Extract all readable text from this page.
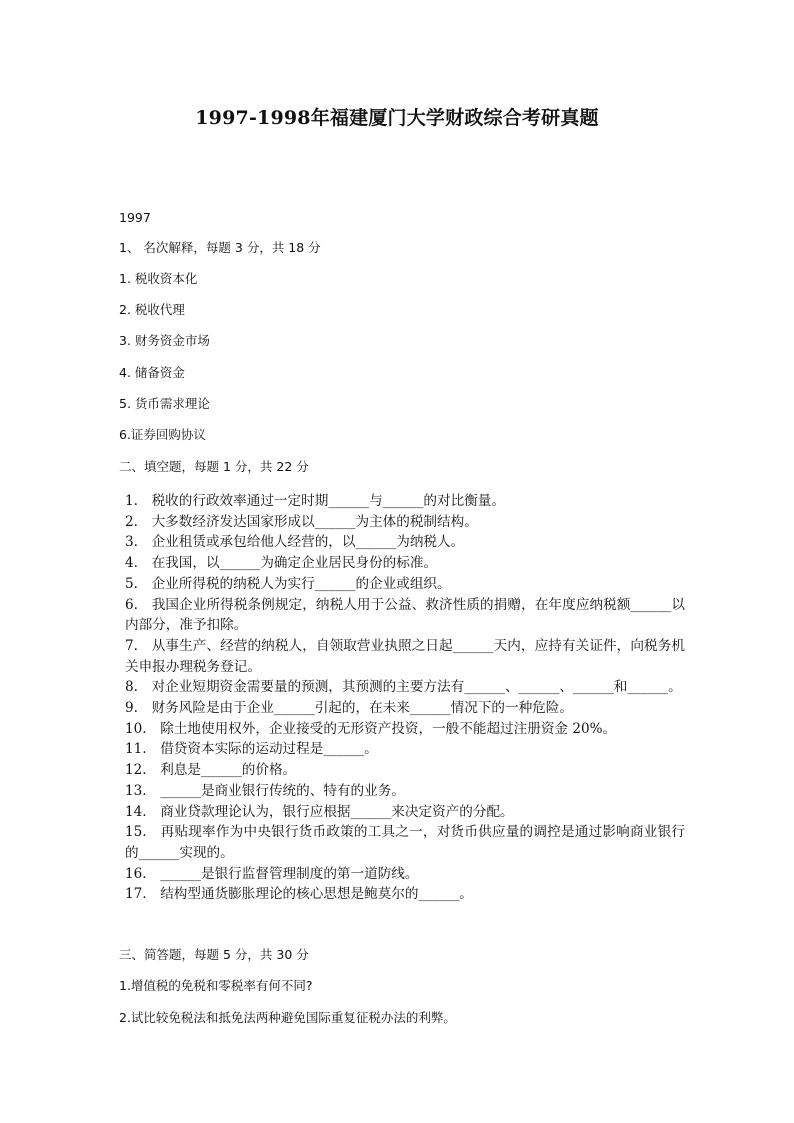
1997-1998年福建厦门大学财政综合考研真题
1997
1、 名次解释，每题 3 分，共 18 分
1. 税收资本化
2. 税收代理
3. 财务资金市场
4. 储备资金
5. 货币需求理论
6.证券回购协议
二、填空题，每题 1 分，共 22 分
1.　税收的行政效率通过一定时期______与______的对比衡量。
2.　大多数经济发达国家形成以______为主体的税制结构。
3.　企业租赁或承包给他人经营的，以______为纳税人。
4.　在我国，以______为确定企业居民身份的标准。
5.　企业所得税的纳税人为实行______的企业或组织。
6.　我国企业所得税条例规定，纳税人用于公益、救济性质的捐赠，在年度应纳税额______以内部分，准予扣除。
7.　从事生产、经营的纳税人，自领取营业执照之日起______天内，应持有关证件，向税务机关申报办理税务登记。
8.　对企业短期资金需要量的预测，其预测的主要方法有______、______、______和______。
9.　财务风险是由于企业______引起的，在未来______情况下的一种危险。
10.　除土地使用权外，企业接受的无形资产投资，一般不能超过注册资金 20%。
11.　借贷资本实际的运动过程是______。
12.　利息是______的价格。
13.　______是商业银行传统的、特有的业务。
14.　商业贷款理论认为，银行应根据______来决定资产的分配。
15.　再贴现率作为中央银行货币政策的工具之一，对货币供应量的调控是通过影响商业银行的______实现的。
16.　______是银行监督管理制度的第一道防线。
17.　结构型通货膨胀理论的核心思想是鲍莫尔的______。
三、简答题，每题 5 分，共 30 分
1.增值税的免税和零税率有何不同?
2.试比较免税法和抵免法两种避免国际重复征税办法的利弊。
